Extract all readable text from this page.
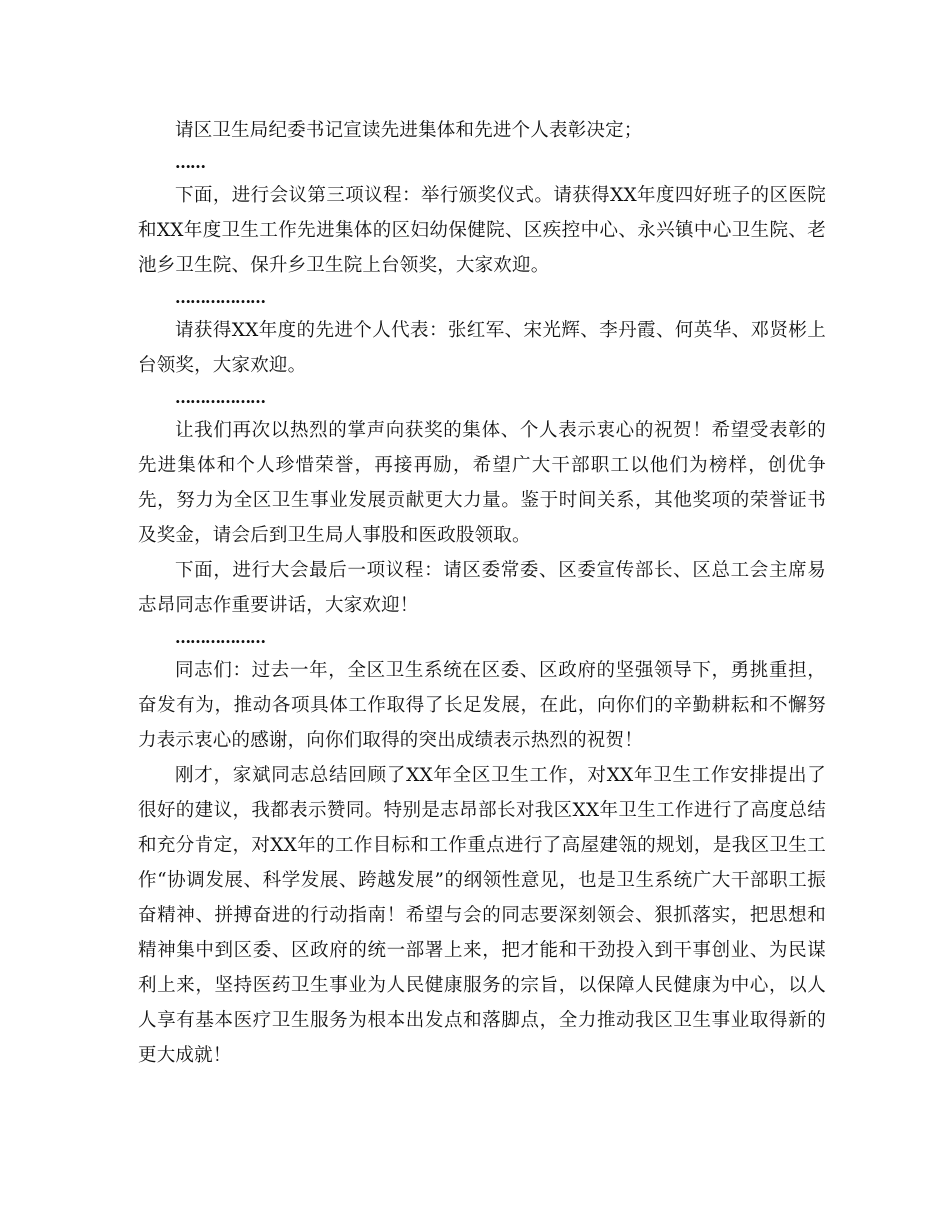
请区卫生局纪委书记宣读先进集体和先进个人表彰决定；

……

下面，进行会议第三项议程：举行颁奖仪式。请获得XX年度四好班子的区医院和XX年度卫生工作先进集体的区妇幼保健院、区疾控中心、永兴镇中心卫生院、老池乡卫生院、保升乡卫生院上台领奖，大家欢迎。

………………

请获得XX年度的先进个人代表：张红军、宋光辉、李丹霞、何英华、邓贤彬上台领奖，大家欢迎。

………………

让我们再次以热烈的掌声向获奖的集体、个人表示衷心的祝贺！希望受表彰的先进集体和个人珍惜荣誉，再接再励，希望广大干部职工以他们为榜样，创优争先，努力为全区卫生事业发展贡献更大力量。鉴于时间关系，其他奖项的荣誉证书及奖金，请会后到卫生局人事股和医政股领取。

下面，进行大会最后一项议程：请区委常委、区委宣传部长、区总工会主席易志昂同志作重要讲话，大家欢迎！

………………

同志们：过去一年，全区卫生系统在区委、区政府的坚强领导下，勇挑重担，奋发有为，推动各项具体工作取得了长足发展，在此，向你们的辛勤耕耘和不懈努力表示衷心的感谢，向你们取得的突出成绩表示热烈的祝贺！

刚才，家斌同志总结回顾了XX年全区卫生工作，对XX年卫生工作安排提出了很好的建议，我都表示赞同。特别是志昂部长对我区XX年卫生工作进行了高度总结和充分肯定，对XX年的工作目标和工作重点进行了高屋建瓴的规划，是我区卫生工作“协调发展、科学发展、跨越发展”的纲领性意见，也是卫生系统广大干部职工振奋精神、拼搏奋进的行动指南！希望与会的同志要深刻领会、狠抓落实，把思想和精神集中到区委、区政府的统一部署上来，把才能和干劲投入到干事创业、为民谋利上来，坚持医药卫生事业为人民健康服务的宗旨，以保障人民健康为中心，以人人享有基本医疗卫生服务为根本出发点和落脚点，全力推动我区卫生事业取得新的更大成就！
